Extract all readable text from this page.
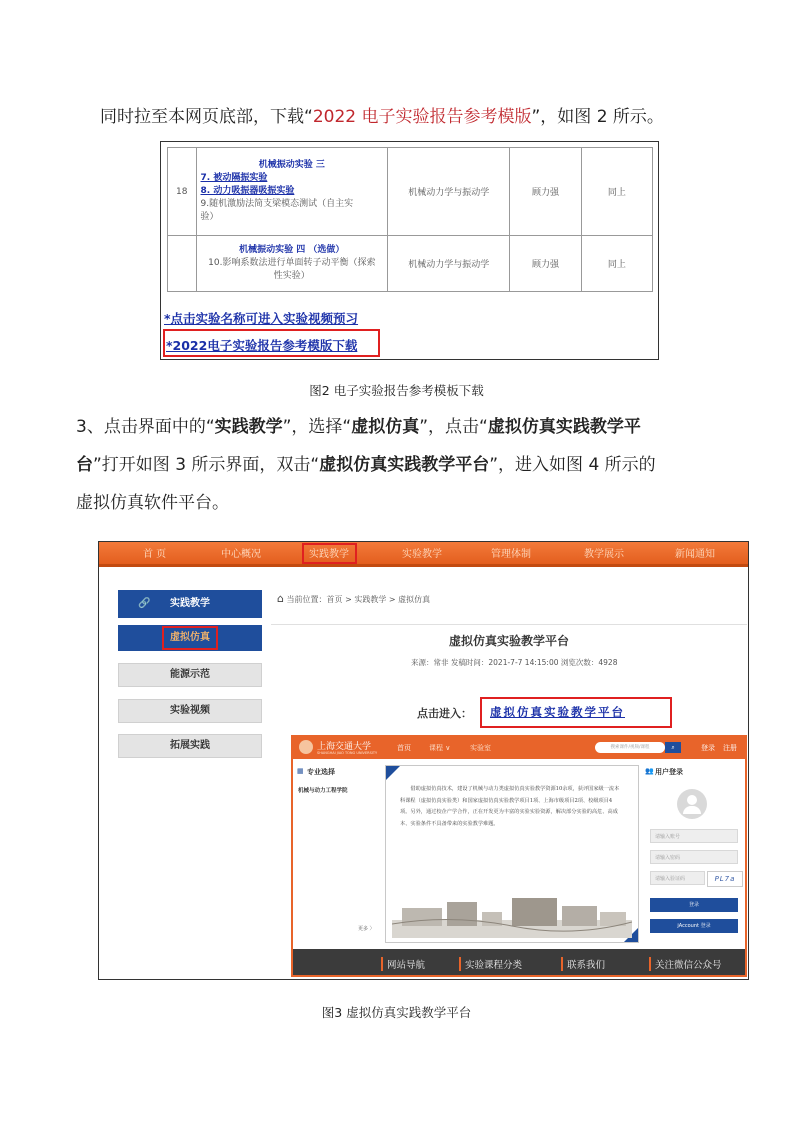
同时拉至本网页底部，下载“2022 电子实验报告参考模版”，如图 2 所示。
18	机械振动实验 三
7. 被动隔振实验
8. 动力吸振器吸振实验
9.随机激励法简支梁模态测试（自主实
验）	机械动力学与振动学	顾力强	同上

	机械振动实验 四 （选做）
10.影响系数法进行单面转子动平衡（探索
性实验）	机械动力学与振动学	顾力强	同上
*点击实验名称可进入实验视频预习
*2022电子实验报告参考模版下载
图2 电子实验报告参考模板下载
3、点击界面中的“实践教学”，选择“虚拟仿真”，点击“虚拟仿真实践教学平
台”打开如图 3 所示界面，双击“虚拟仿真实践教学平台”，进入如图 4 所示的
虚拟仿真软件平台。
首 页	中心概况	实践教学	实验教学	管理体制	教学展示	新闻通知
🔗 实践教学
虚拟仿真
能源示范
实验视频
拓展实践
⌂ 当前位置：首页 > 实践教学 > 虚拟仿真
虚拟仿真实验教学平台
来源：常非 发稿时间：2021-7-7 14:15:00 浏览次数：4928
点击进入： 虚拟仿真实验教学平台
上海交通大学
SHANGHAI JIAO TONG UNIVERSITY
首页	课程 ∨	实验室	搜索课件/视频/课程	⌕	登录 注册
▦ 专业选择
机械与动力工程学院
更多 〉
借助虚拟仿真技术，建设了机械与动力类虚拟仿真实验教学资源10余项，获评国家级一流本科课程（虚拟仿真实验类）和国家虚拟仿真实验教学项目1项、上海市级项目2项、校级项目4项。另外，通过校企产学合作，正在开发更为丰富的实验实验资源，解决部分实验的高危、高成本、实验条件不具备带来的实验教学难题。
👥 用户登录
请输入账号
请输入密码
请输入验证码	PL7a
登录
jAccount 登录
网站导航	实验课程分类	联系我们	关注微信公众号
图3 虚拟仿真实践教学平台
